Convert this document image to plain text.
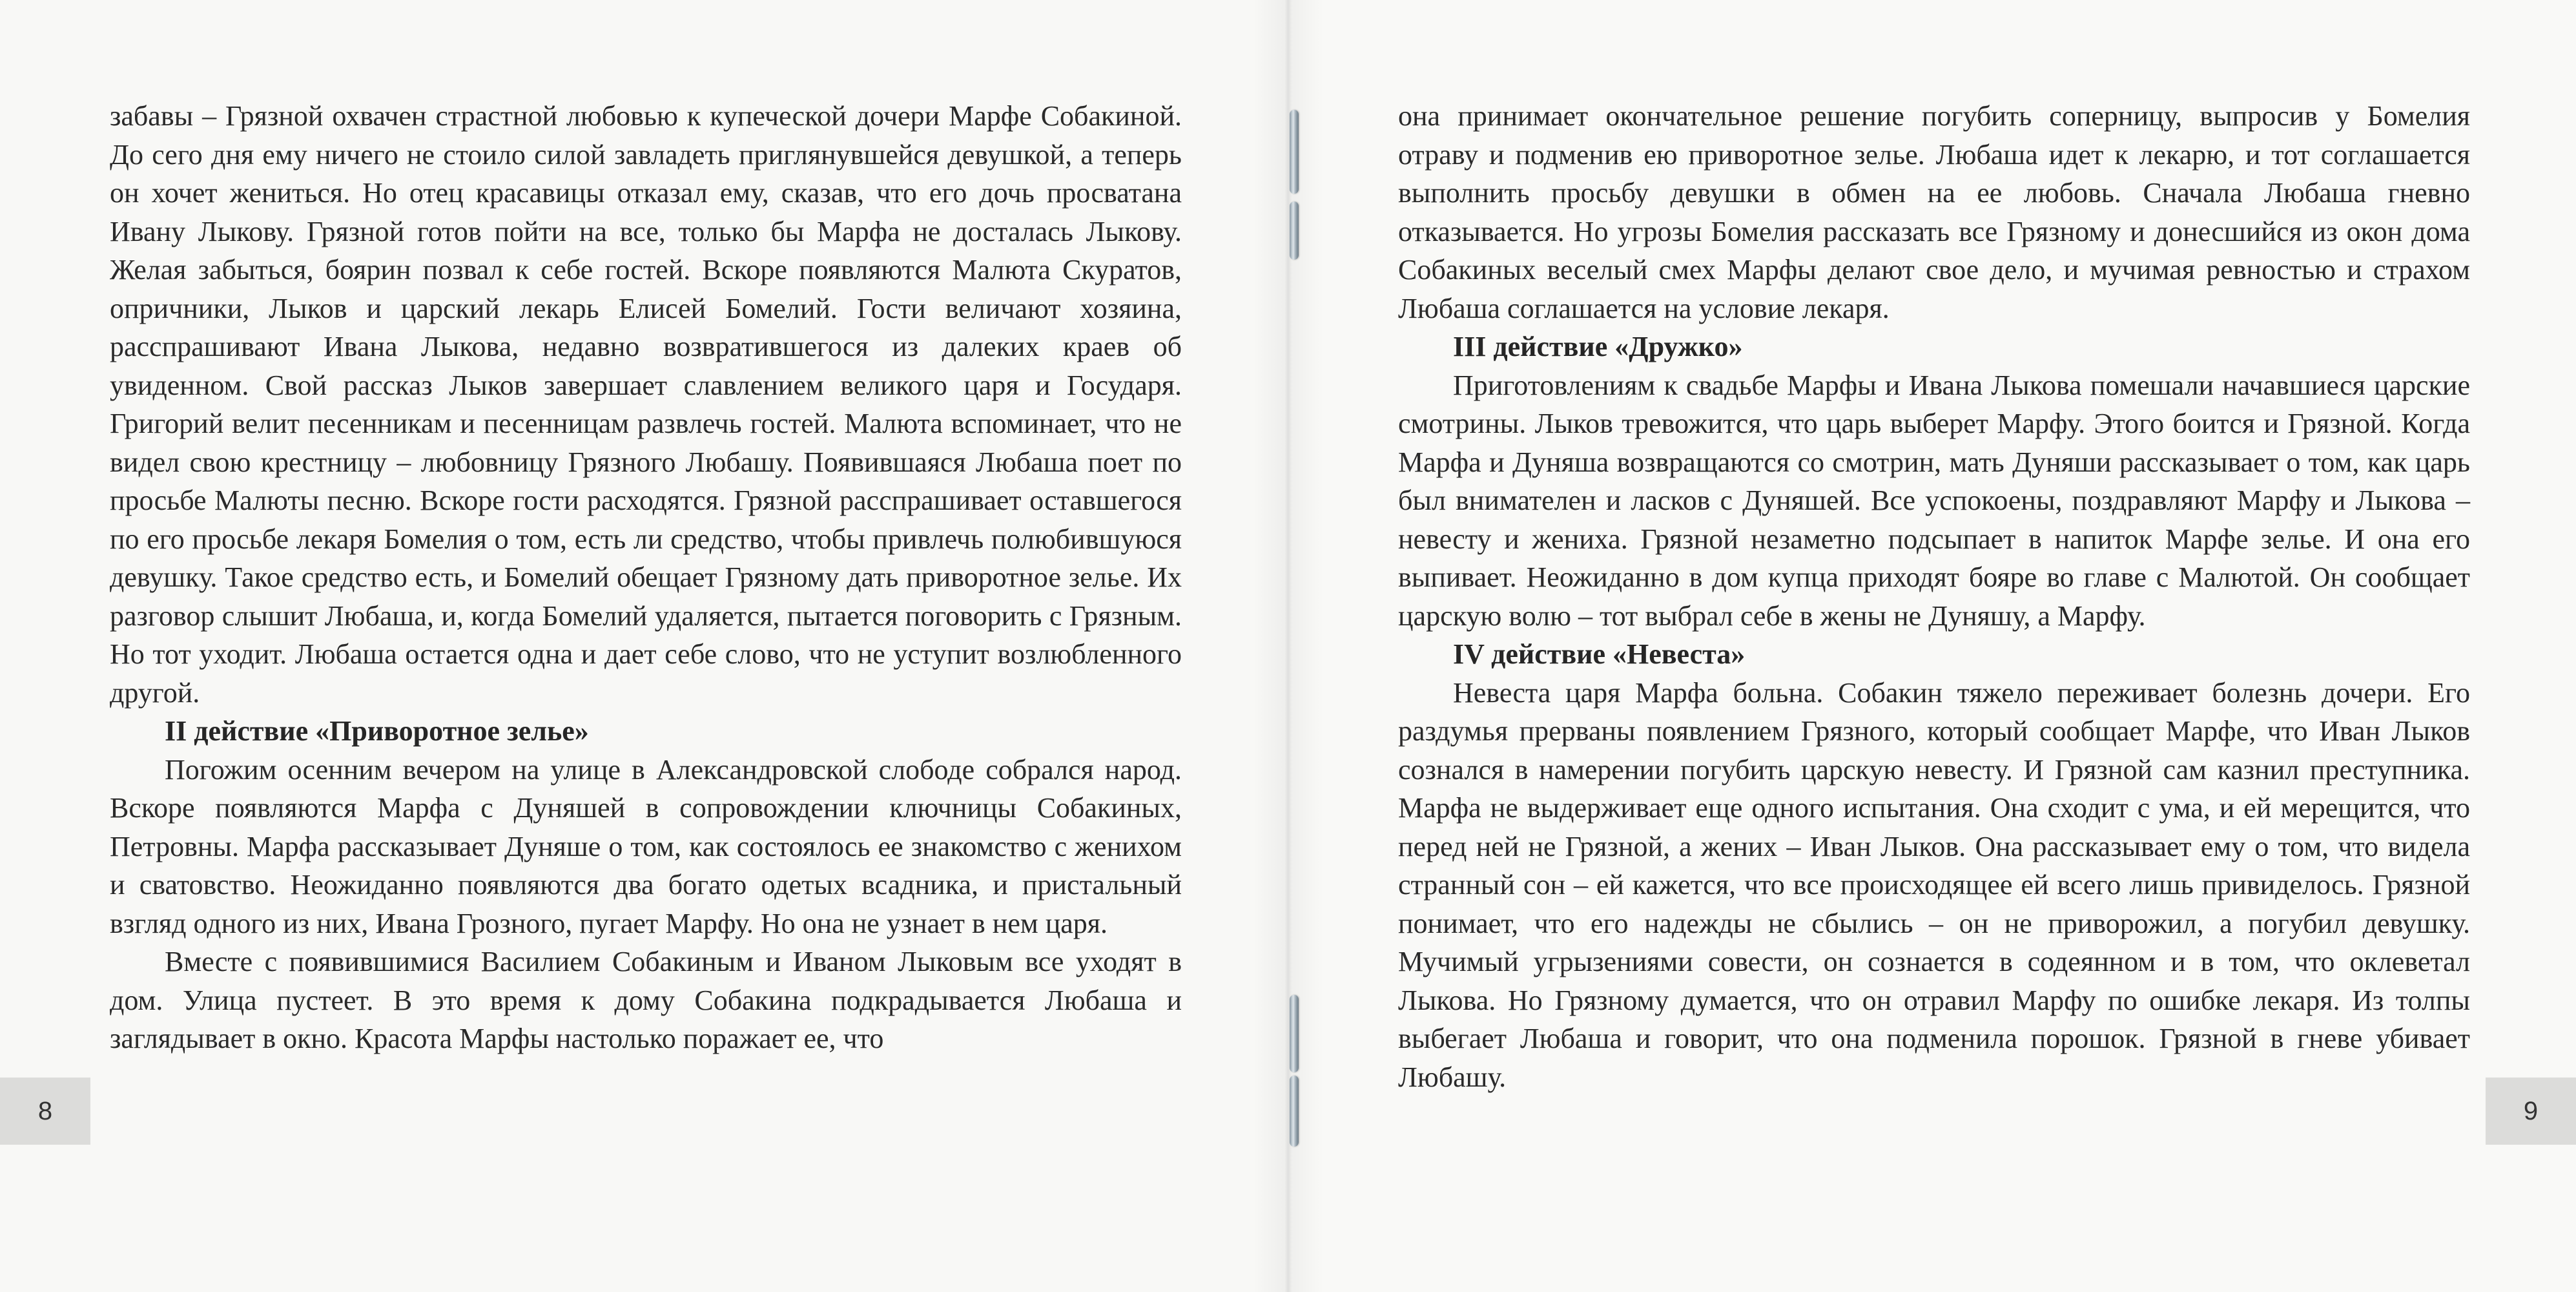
забавы – Грязной охвачен страстной любовью к купеческой дочери Марфе Собакиной. До сего дня ему ничего не стоило силой завладеть приглянувшейся девушкой, а теперь он хочет жениться. Но отец красавицы отказал ему, сказав, что его дочь просватана Ивану Лыкову. Грязной готов пойти на все, только бы Марфа не досталась Лыкову. Желая забыться, боярин позвал к себе гостей. Вскоре появляются Малюта Скуратов, опричники, Лыков и царский лекарь Елисей Бомелий. Гости величают хозяина, расспрашивают Ивана Лыкова, недавно возвратившегося из далеких краев об увиденном. Свой рассказ Лыков завершает славлением великого царя и Государя. Григорий велит песенникам и песенницам развлечь гостей. Малюта вспоминает, что не видел свою крестницу – любовницу Грязного Любашу. Появившаяся Любаша поет по просьбе Малюты песню. Вскоре гости расходятся. Грязной расспрашивает оставшегося по его просьбе лекаря Бомелия о том, есть ли средство, чтобы привлечь полюбившуюся девушку. Такое средство есть, и Бомелий обещает Грязному дать приворотное зелье. Их разговор слышит Любаша, и, когда Бомелий удаляется, пытается поговорить с Грязным. Но тот уходит. Любаша остается одна и дает себе слово, что не уступит возлюбленного другой.

II действие «Приворотное зелье»

Погожим осенним вечером на улице в Александровской слободе собрался народ. Вскоре появляются Марфа с Дуняшей в сопровождении ключницы Собакиных, Петровны. Марфа рассказывает Дуняше о том, как состоялось ее знакомство с женихом и сватовство. Неожиданно появляются два богато одетых всадника, и пристальный взгляд одного из них, Ивана Грозного, пугает Марфу. Но она не узнает в нем царя.

Вместе с появившимися Василием Собакиным и Иваном Лыковым все уходят в дом. Улица пустеет. В это время к дому Собакина подкрадывается Любаша и заглядывает в окно. Красота Марфы настолько поражает ее, что

она принимает окончательное решение погубить соперницу, выпросив у Бомелия отраву и подменив ею приворотное зелье. Любаша идет к лекарю, и тот соглашается выполнить просьбу девушки в обмен на ее любовь. Сначала Любаша гневно отказывается. Но угрозы Бомелия рассказать все Грязному и донесшийся из окон дома Собакиных веселый смех Марфы делают свое дело, и мучимая ревностью и страхом Любаша соглашается на условие лекаря.

III действие «Дружко»

Приготовлениям к свадьбе Марфы и Ивана Лыкова помешали начавшиеся царские смотрины. Лыков тревожится, что царь выберет Марфу. Этого боится и Грязной. Когда Марфа и Дуняша возвращаются со смотрин, мать Дуняши рассказывает о том, как царь был внимателен и ласков с Дуняшей. Все успокоены, поздравляют Марфу и Лыкова – невесту и жениха. Грязной незаметно подсыпает в напиток Марфе зелье. И она его выпивает. Неожиданно в дом купца приходят бояре во главе с Малютой. Он сообщает царскую волю – тот выбрал себе в жены не Дуняшу, а Марфу.

IV действие «Невеста»

Невеста царя Марфа больна. Собакин тяжело переживает болезнь дочери. Его раздумья прерваны появлением Грязного, который сообщает Марфе, что Иван Лыков сознался в намерении погубить царскую невесту. И Грязной сам казнил преступника. Марфа не выдерживает еще одного испытания. Она сходит с ума, и ей мерещится, что перед ней не Грязной, а жених – Иван Лыков. Она рассказывает ему о том, что видела странный сон – ей кажется, что все происходящее ей всего лишь привиделось. Грязной понимает, что его надежды не сбылись – он не приворожил, а погубил девушку. Мучимый угрызениями совести, он сознается в содеянном и в том, что оклеветал Лыкова. Но Грязному думается, что он отравил Марфу по ошибке лекаря. Из толпы выбегает Любаша и говорит, что она подменила порошок. Грязной в гневе убивает Любашу.

8	9
